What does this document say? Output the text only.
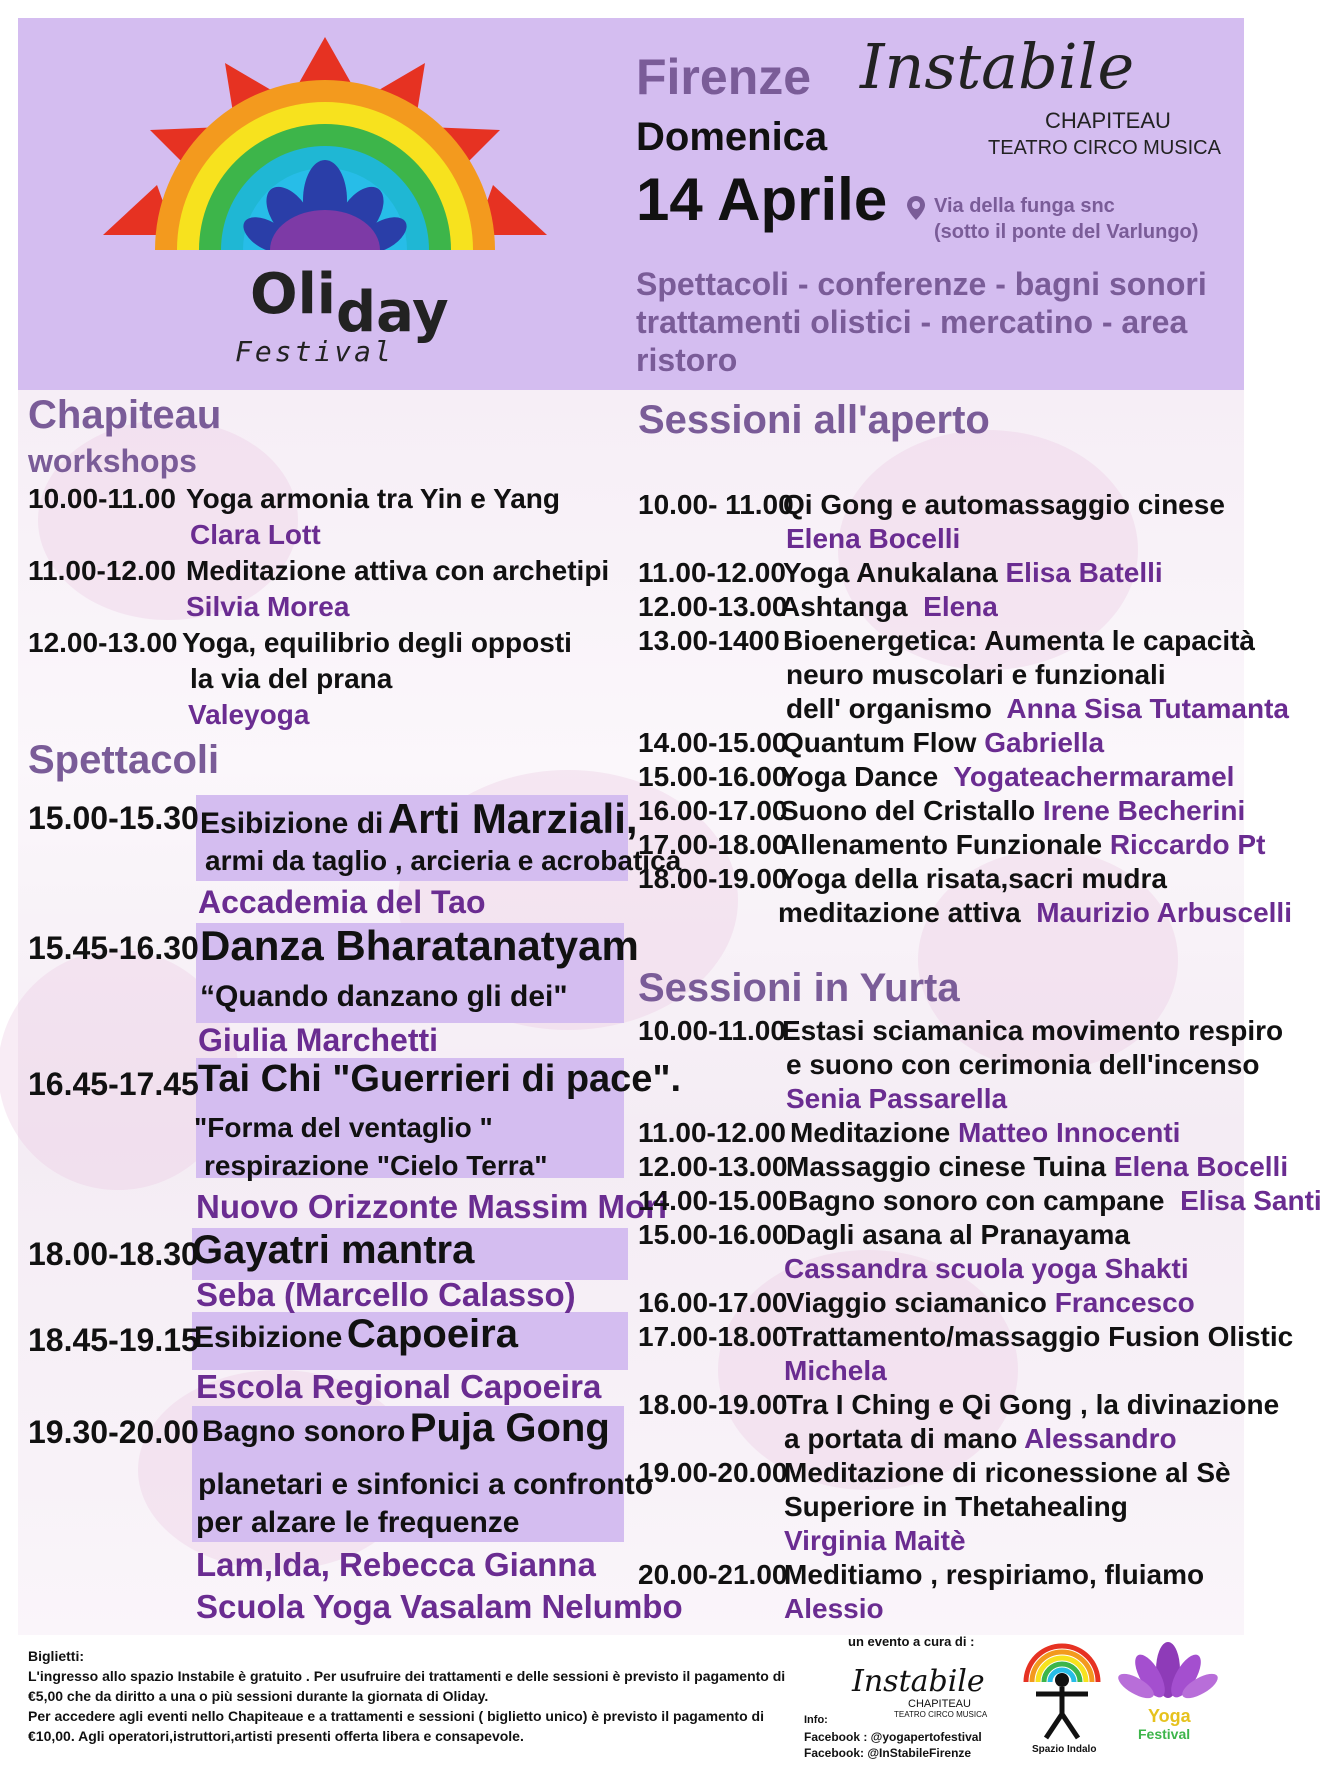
Oliday
Festival
Firenze
Domenica
14 Aprile
Instabile
CHAPITEAU
TEATRO CIRCO MUSICA
Via della funga snc
(sotto il ponte del Varlungo)
Spettacoli - conferenze - bagni sonori
trattamenti olistici - mercatino - area ristoro
Chapiteau
workshops
10.00-11.00 Yoga armonia tra Yin e Yang
Clara Lott
11.00-12.00 Meditazione attiva con archetipi
Silvia Morea
12.00-13.00 Yoga, equilibrio degli opposti
la via del prana
Valeyoga
Spettacoli
15.00-15.30 Esibizione di Arti Marziali,
armi da taglio , arcieria e acrobatica
Accademia del Tao
15.45-16.30 Danza Bharatanatyam
“Quando danzano gli dei"
Giulia Marchetti
16.45-17.45 Tai Chi "Guerrieri di pace".
"Forma del ventaglio "
respirazione "Cielo Terra"
Nuovo Orizzonte Massim Mori
18.00-18.30
Gayatri mantra
Seba (Marcello Calasso)
18.45-19.15
Esibizione Capoeira
Escola Regional Capoeira
19.30-20.00 Bagno sonoro Puja Gong
planetari e sinfonici a confronto
per alzare le frequenze
Lam,Ida, Rebecca Gianna
Scuola Yoga Vasalam Nelumbo
Sessioni all'aperto
10.00- 11.00
Qi Gong e automassaggio cinese
Elena Bocelli
11.00-12.00
Yoga Anukalana Elisa Batelli
12.00-13.00
Ashtanga Elena
13.00-1400 Bioenergetica: Aumenta le capacità
neuro muscolari e funzionali
dell' organismo Anna Sisa Tutamanta
14.00-15.00
Quantum Flow Gabriella
15.00-16.00
Yoga Dance Yogateachermaramel
16.00-17.00
Suono del Cristallo Irene Becherini
17.00-18.00
Allenamento Funzionale Riccardo Pt
18.00-19.00
Yoga della risata,sacri mudra
meditazione attiva Maurizio Arbuscelli
Sessioni in Yurta
10.00-11.00
Estasi sciamanica movimento respiro
e suono con cerimonia dell'incenso
Senia Passarella
11.00-12.00 Meditazione Matteo Innocenti
12.00-13.00
Massaggio cinese Tuina Elena Bocelli
14.00-15.00 Bagno sonoro con campane Elisa Santi
15.00-16.00
Dagli asana al Pranayama
Cassandra scuola yoga Shakti
16.00-17.00
Viaggio sciamanico Francesco
17.00-18.00
Trattamento/massaggio Fusion Olistic
Michela
18.00-19.00
Tra I Ching e Qi Gong , la divinazione
a portata di mano Alessandro
19.00-20.00
Meditazione di riconessione al Sè
Superiore in Thetahealing
Virginia Maitè
20.00-21.00
Meditiamo , respiriamo, fluiamo
Alessio
Biglietti:
L'ingresso allo spazio Instabile è gratuito . Per usufruire dei trattamenti e delle sessioni è previsto il pagamento di €5,00 che da diritto a una o più sessioni durante la giornata di Oliday.
Per accedere agli eventi nello Chapiteaue e a trattamenti e sessioni ( biglietto unico) è previsto il pagamento di €10,00. Agli operatori,istruttori,artisti presenti offerta libera e consapevole.
un evento a cura di :
Instabile
CHAPITEAU
TEATRO CIRCO MUSICA
Info:
Facebook : @yogapertofestival
Facebook: @InStabileFirenze	Spazio Indalo
Yoga
Festival
